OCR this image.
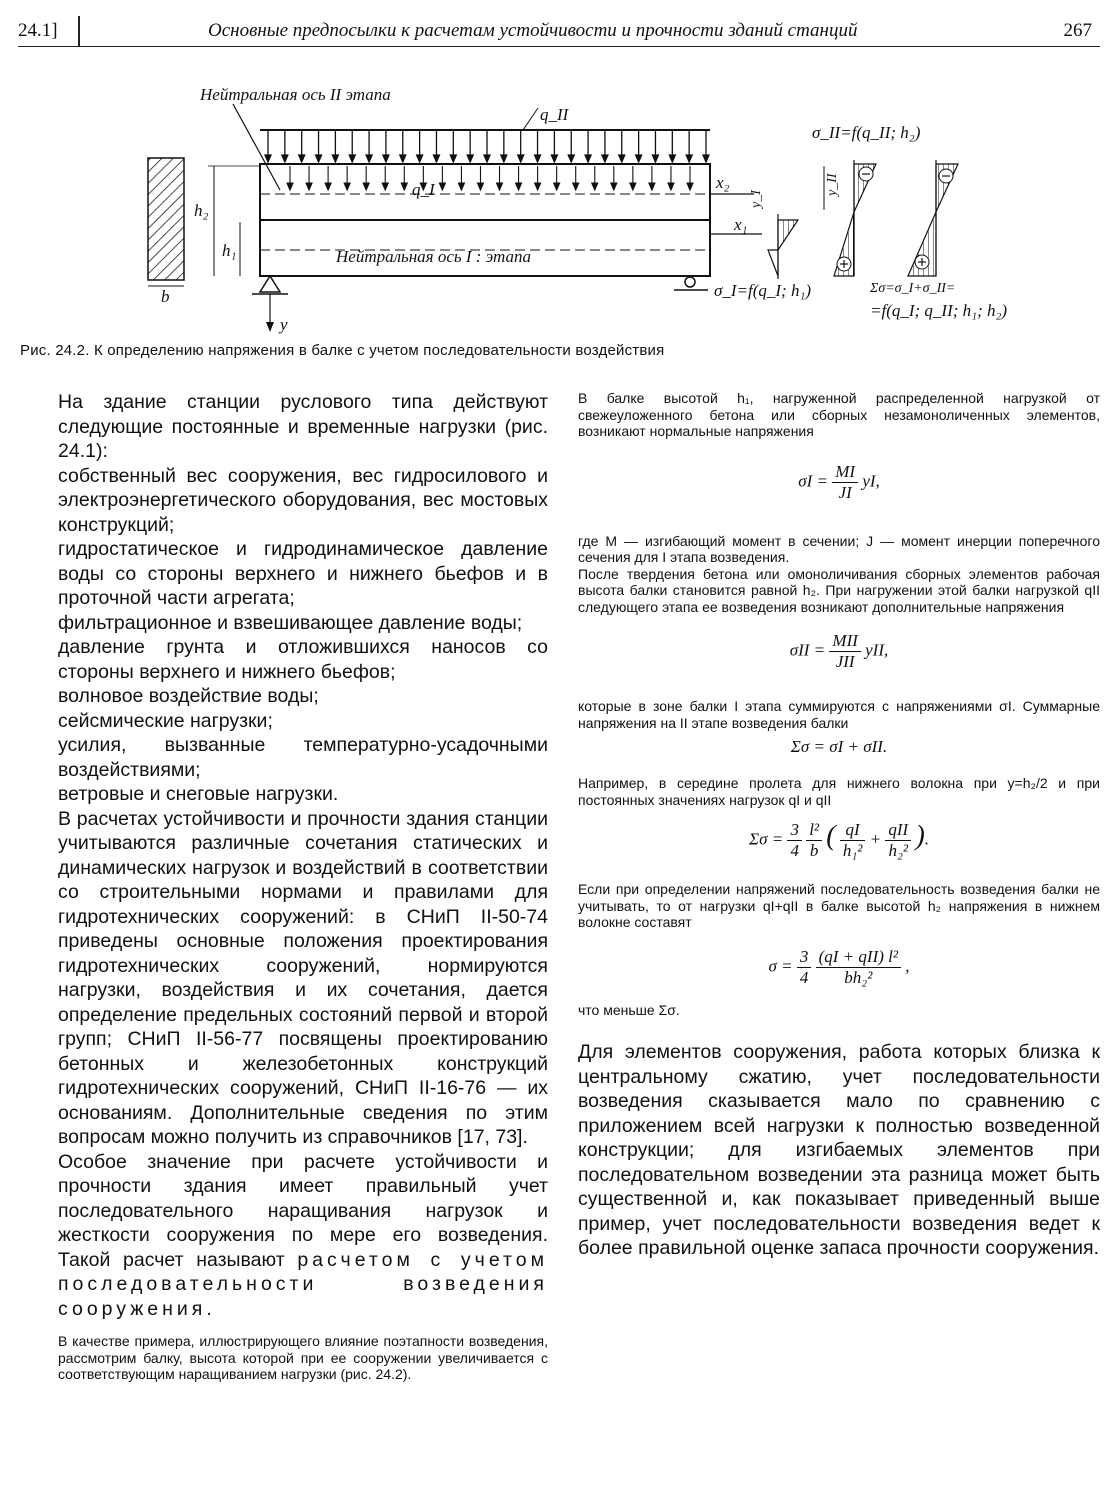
24.1]	Основные предпосылки к расчетам устойчивости и прочности зданий станций	267
b
Нейтральная ось II этапа
q_II
q_I
h₂
h₁	Нейтральная ось I : этапа
y
x₂
x₁
y_I
σ_I=f(q_I; h₁)
y_II
σ_II=f(q_II; h₂)
Σσ=σ_I+σ_II=
=f(q_I; q_II; h₁; h₂)
Рис. 24.2. К определению напряжения в балке с учетом последовательности воздействия

На здание станции руслового типа действуют следующие постоянные и временные нагрузки (рис. 24.1):

собственный вес сооружения, вес гидросилового и электроэнергетического оборудования, вес мостовых конструкций;

гидростатическое и гидродинамическое давление воды со стороны верхнего и нижнего бьефов и в проточной части агрегата;

фильтрационное и взвешивающее давление воды;

давление грунта и отложившихся наносов со стороны верхнего и нижнего бьефов;

волновое воздействие воды;

сейсмические нагрузки;

усилия, вызванные температурно-усадочными воздействиями;

ветровые и снеговые нагрузки.

В расчетах устойчивости и прочности здания станции учитываются различные сочетания статических и динамических нагрузок и воздействий в соответствии со строительными нормами и правилами для гидротехнических сооружений: в СНиП II-50-74 приведены основные положения проектирования гидротехнических сооружений, нормируются нагрузки, воздействия и их сочетания, дается определение предельных состояний первой и второй групп; СНиП II-56-77 посвящены проектированию бетонных и железобетонных конструкций гидротехнических сооружений, СНиП II-16-76 — их основаниям. Дополнительные сведения по этим вопросам можно получить из справочников [17, 73].

Особое значение при расчете устойчивости и прочности здания имеет правильный учет последовательного наращивания нагрузок и жесткости сооружения по мере его возведения. Такой расчет называют расчетом с учетом последовательности возведения сооружения.

В качестве примера, иллюстрирующего влияние поэтапности возведения, рассмотрим балку, высота которой при ее сооружении увеличивается с соответствующим наращиванием нагрузки (рис. 24.2).

В балке высотой h₁, нагруженной распределенной нагрузкой от свежеуложенного бетона или сборных незамоноличенных элементов, возникают нормальные напряжения

$\sigma I = \frac{MI}{JI}$ yI,

где M — изгибающий момент в сечении; J — момент инерции поперечного сечения для I этапа возведения.

После твердения бетона или омоноличивания сборных элементов рабочая высота балки становится равной h₂. При нагружении этой балки нагрузкой qII следующего этапа ее возведения возникают дополнительные напряжения

$\sigma II = \frac{\text{MII}}{\text{JII}}$ yII,

которые в зоне балки I этапа суммируются с напряжениями σI. Суммарные напряжения на II этапе возведения балки

Σσ = σI + σII.

Например, в середине пролета для нижнего волокна при y=h₂/2 и при постоянных значениях нагрузок qI и qII

$\Sigma\sigma = \frac{3}{4}$
$\frac{\text{l²}}{b}$ ( $\frac{qI}{\text{h₁²}} + \frac{\text{qII}}{\text{h₂²}}$ ).

Если при определении напряжений последовательность возведения балки не учитывать, то от нагрузки qI+qII в балке высотой h₂ напряжения в нижнем волокне составят

$\sigma = \frac{3}{4}$
$\frac{\text{(qI + qII) l²}}{\text{bh₂²}}$ ,

что меньше Σσ.

Для элементов сооружения, работа которых близка к центральному сжатию, учет последовательности возведения сказывается мало по сравнению с приложением всей нагрузки к полностью возведенной конструкции; для изгибаемых элементов при последовательном возведении эта разница может быть существенной и, как показывает приведенный выше пример, учет последовательности возведения ведет к более правильной оценке запаса прочности сооружения.
